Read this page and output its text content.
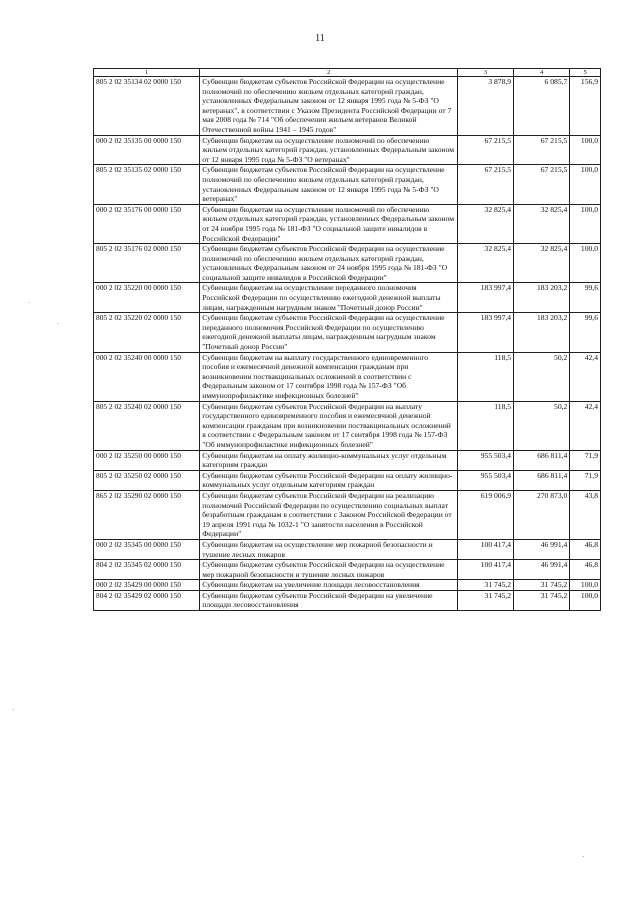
11
·
·
·
·
1	2	3	4	5
805 2 02 35134 02 0000 150	Субвенции бюджетам субъектов Российской Федерации на осуществление полномочий по обеспечению жильем отдельных категорий граждан, установленных Федеральным законом от 12 января 1995 года № 5-ФЗ "О ветеранах", в соответствии с Указом Президента Российской Федерации от 7 мая 2008 года № 714 "Об обеспечении жильем ветеранов Великой Отечественной войны 1941 – 1945 годов"	3 878,9	6 085,7	156,9
000 2 02 35135 00 0000 150	Субвенции бюджетам на осуществление полномочий по обеспечению жильем отдельных категорий граждан, установленных Федеральным законом от 12 января 1995 года № 5-ФЗ "О ветеранах"	67 215,5	67 215,5	100,0
805 2 02 35135 02 0000 150	Субвенции бюджетам субъектов Российской Федерации на осуществление полномочий по обеспечению жильем отдельных категорий граждан, установленных Федеральным законом от 12 января 1995 года № 5-ФЗ "О ветеранах"	67 215,5	67 215,5	100,0
000 2 02 35176 00 0000 150	Субвенции бюджетам на осуществление полномочий по обеспечению жильем отдельных категорий граждан, установленных Федеральным законом от 24 ноября 1995 года № 181-ФЗ "О социальной защите инвалидов в Российской Федерации"	32 825,4	32 825,4	100,0
805 2 02 35176 02 0000 150	Субвенции бюджетам субъектов Российской Федерации на осуществление полномочий по обеспечению жильем отдельных категорий граждан, установленных Федеральным законом от 24 ноября 1995 года № 181-ФЗ "О социальной защите инвалидов в Российской Федерации"	32 825,4	32 825,4	100,0
000 2 02 35220 00 0000 150	Субвенции бюджетам на осуществление переданного полномочия Российской Федерации по осуществлению ежегодной денежной выплаты лицам, награжденным нагрудным знаком "Почетный донор России"	183 997,4	183 203,2	99,6
805 2 02 35220 02 0000 150	Субвенции бюджетам субъектов Российской Федерации на осуществление переданного полномочия Российской Федерации по осуществлению ежегодной денежной выплаты лицам, награжденным нагрудным знаком "Почетный донор России"	183 997,4	183 203,2	99,6
000 2 02 35240 00 0000 150	Субвенции бюджетам на выплату государственного единовременного пособия и ежемесячной денежной компенсации гражданам при возникновении поствакцинальных осложнений в соответствии с Федеральным законом от 17 сентября 1998 года № 157-ФЗ "Об иммунопрофилактике инфекционных болезней"	118,5	50,2	42,4
805 2 02 35240 02 0000 150	Субвенции бюджетам субъектов Российской Федерации на выплату государственного единовременного пособия и ежемесячной денежной компенсации гражданам при возникновении поствакцинальных осложнений в соответствии с Федеральным законом от 17 сентября 1998 года № 157-ФЗ "Об иммунопрофилактике инфекционных болезней"	118,5	50,2	42,4
000 2 02 35250 00 0000 150	Субвенции бюджетам на оплату жилищно-коммунальных услуг отдельным категориям граждан	955 503,4	686 811,4	71,9
805 2 02 35250 02 0000 150	Субвенции бюджетам субъектов Российской Федерации на оплату жилищно-коммунальных услуг отдельным категориям граждан	955 503,4	686 811,4	71,9
865 2 02 35290 02 0000 150	Субвенции бюджетам субъектов Российской Федерации на реализацию полномочий Российской Федерации по осуществлению социальных выплат безработным гражданам в соответствии с Законом Российской Федерации от 19 апреля 1991 года № 1032-1 "О занятости населения в Российской Федерации"	619 006,9	270 873,0	43,8
000 2 02 35345 00 0000 150	Субвенции бюджетам на осуществление мер пожарной безопасности и тушение лесных пожаров	100 417,4	46 991,4	46,8
804 2 02 35345 02 0000 150	Субвенции бюджетам субъектов Российской Федерации на осуществление мер пожарной безопасности и тушение лесных пожаров	100 417,4	46 991,4	46,8
000 2 02 35429 00 0000 150	Субвенции бюджетам на увеличение площади лесовосстановления	31 745,2	31 745,2	100,0
804 2 02 35429 02 0000 150	Субвенции бюджетам субъектов Российской Федерации на увеличение площади лесовосстановления	31 745,2	31 745,2	100,0
